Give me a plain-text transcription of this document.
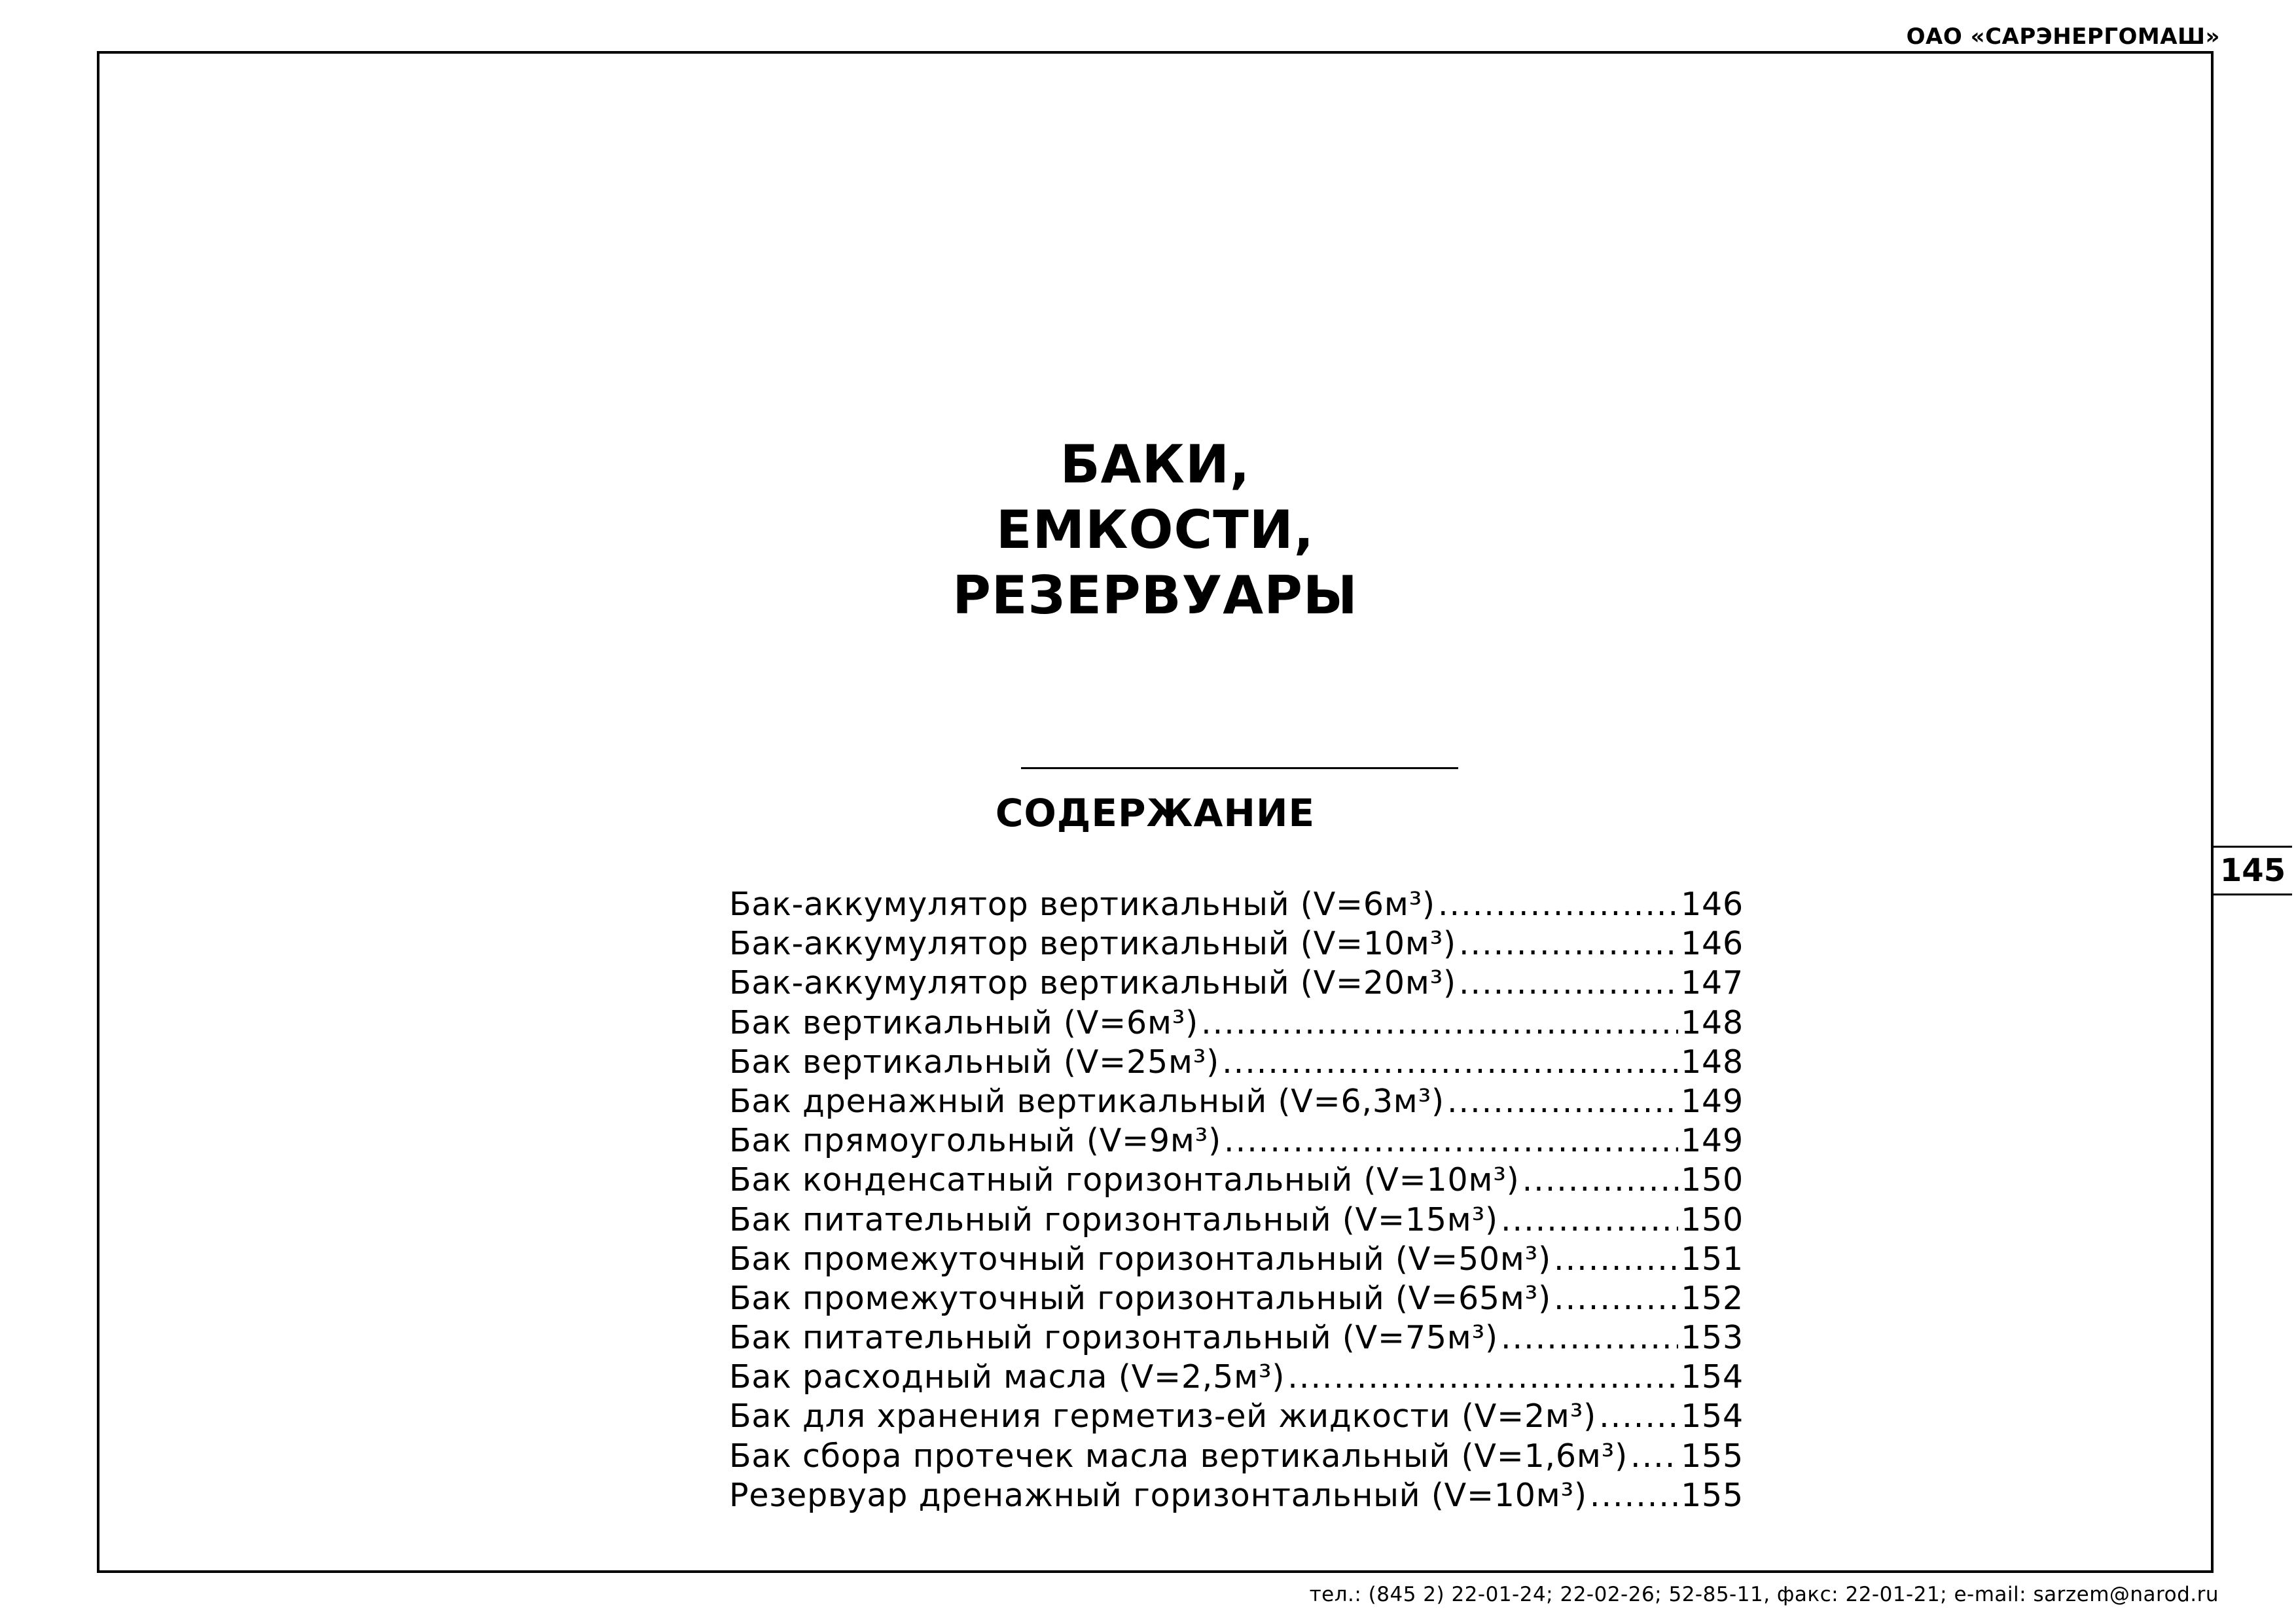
ОАО «САРЭНЕРГОМАШ»
145
БАКИ,
ЕМКОСТИ,
РЕЗЕРВУАРЫ
СОДЕРЖАНИЕ
Бак-аккумулятор вертикальный (V=6м³) .....	146
Бак-аккумулятор вертикальный (V=10м³) .....	146
Бак-аккумулятор вертикальный (V=20м³) .....	147
Бак вертикальный (V=6м³) .....	148
Бак вертикальный (V=25м³) .....	148
Бак дренажный вертикальный (V=6,3м³) .....	149
Бак прямоугольный (V=9м³) .....	149
Бак конденсатный горизонтальный (V=10м³) .....	150
Бак питательный горизонтальный (V=15м³) .....	150
Бак промежуточный горизонтальный (V=50м³) .....	151
Бак промежуточный горизонтальный (V=65м³) .....	152
Бак питательный горизонтальный (V=75м³) .....	153
Бак расходный масла (V=2,5м³) .....	154
Бак для хранения герметиз-ей жидкости (V=2м³) .....	154
Бак сбора протечек масла вертикальный (V=1,6м³) ..... 155
Резервуар дренажный горизонтальный (V=10м³) .....	155
тел.: (845 2) 22-01-24; 22-02-26; 52-85-11, факс: 22-01-21; e-mail: sarzem@narod.ru
